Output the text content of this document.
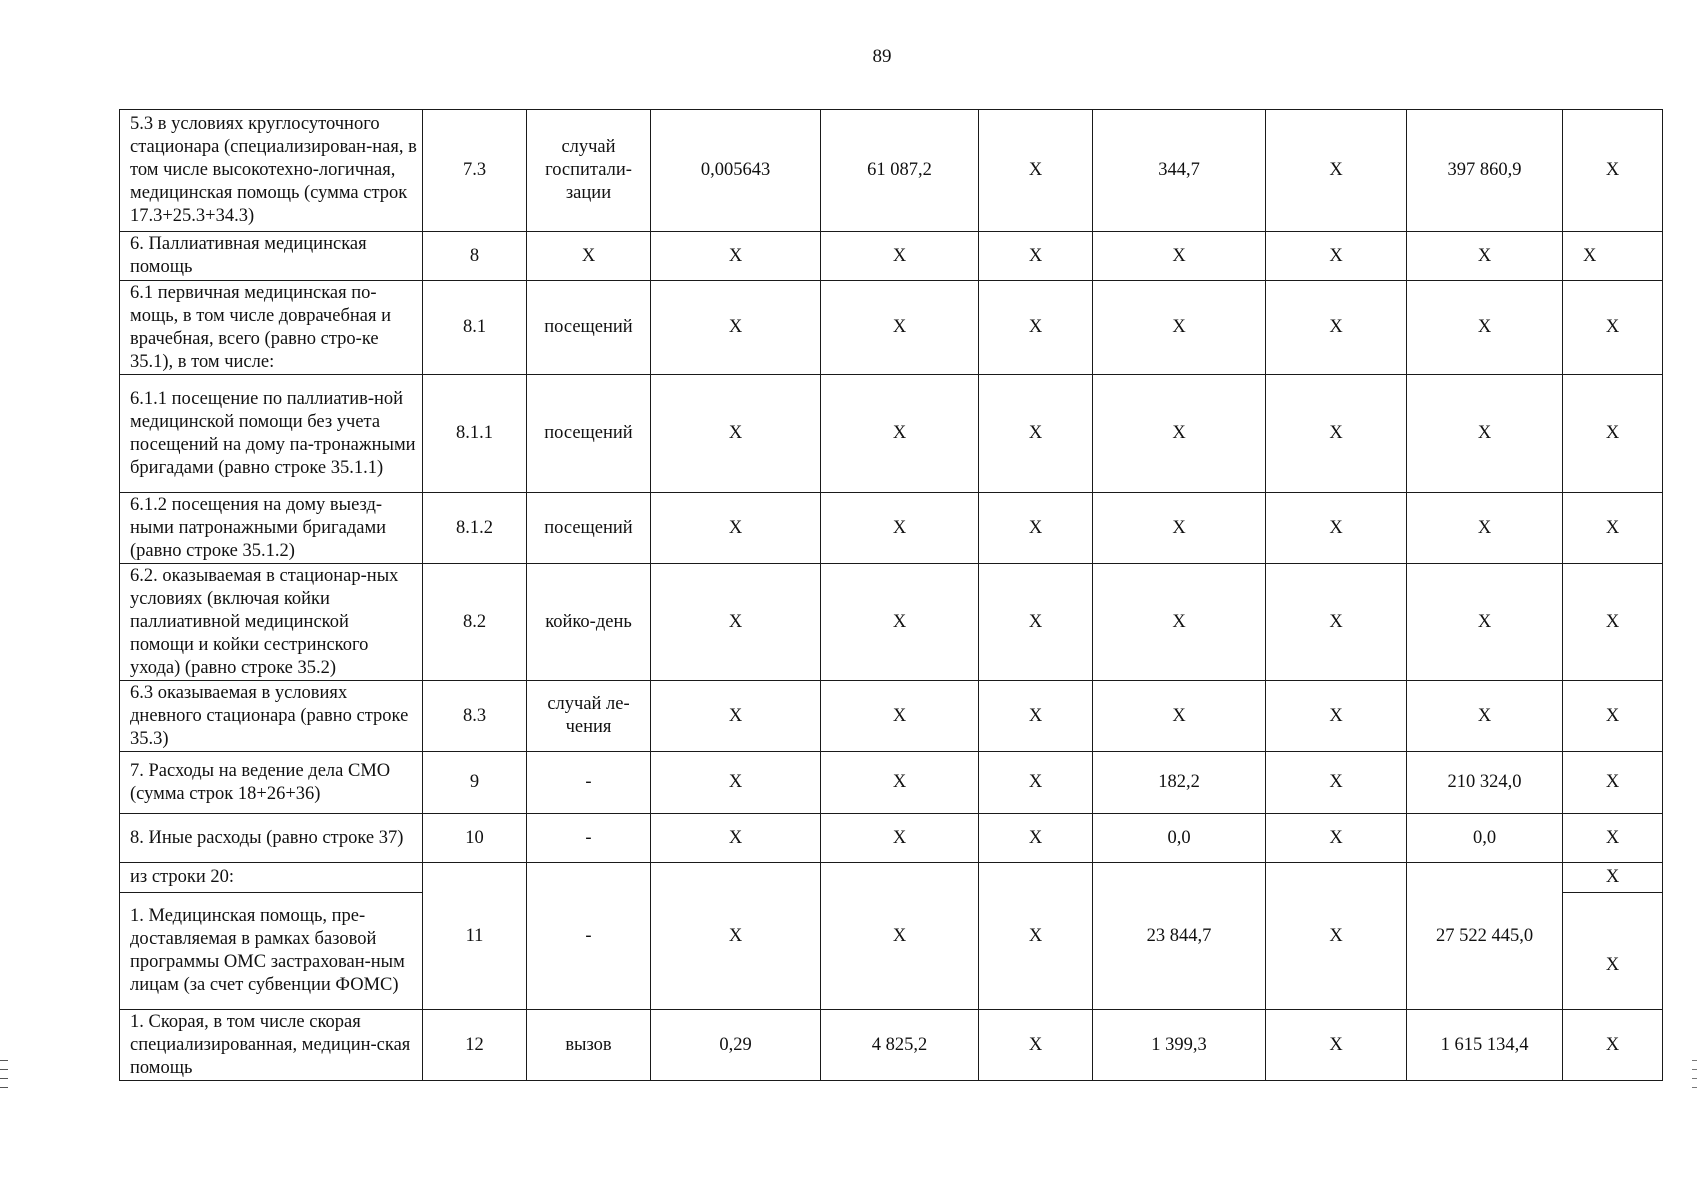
89
5.3 в условиях круглосуточного стационара (специализирован-ная, в том числе высокотехно-логичная, медицинская помощь (сумма строк 17.3+25.3+34.3)	7.3	случай госпитали-зации	0,005643	61 087,2	X	344,7	X	397 860,9	X
6. Паллиативная медицинская помощь	8	X	X	X	X	X	X	X	X
6.1 первичная медицинская по-мощь, в том числе доврачебная и врачебная, всего (равно стро-ке 35.1), в том числе:	8.1	посещений	X	X	X	X	X	X	X
6.1.1 посещение по паллиатив-ной медицинской помощи без учета посещений на дому па-тронажными бригадами (равно строке 35.1.1)	8.1.1	посещений	X	X	X	X	X	X	X
6.1.2 посещения на дому выезд-ными патронажными бригадами (равно строке 35.1.2)	8.1.2	посещений	X	X	X	X	X	X	X
6.2. оказываемая в стационар-ных условиях (включая койки паллиативной медицинской помощи и койки сестринского ухода) (равно строке 35.2)	8.2	койко-день	X	X	X	X	X	X	X
6.3 оказываемая в условиях дневного стационара (равно строке 35.3)	8.3	случай ле-чения	X	X	X	X	X	X	X
7. Расходы на ведение дела СМО (сумма строк 18+26+36)	9	-	X	X	X	182,2	X	210 324,0	X
8. Иные расходы (равно строке 37)	10	-	X	X	X	0,0	X	0,0	X
из строки 20:	11	-	X	X	X	23 844,7	X	27 522 445,0	X
1. Медицинская помощь, пре-доставляемая в рамках базовой программы ОМС застрахован-ным лицам (за счет субвенции ФОМС)									X
1. Скорая, в том числе скорая специализированная, медицин-ская помощь	12	вызов	0,29	4 825,2	X	1 399,3	X	1 615 134,4	X
